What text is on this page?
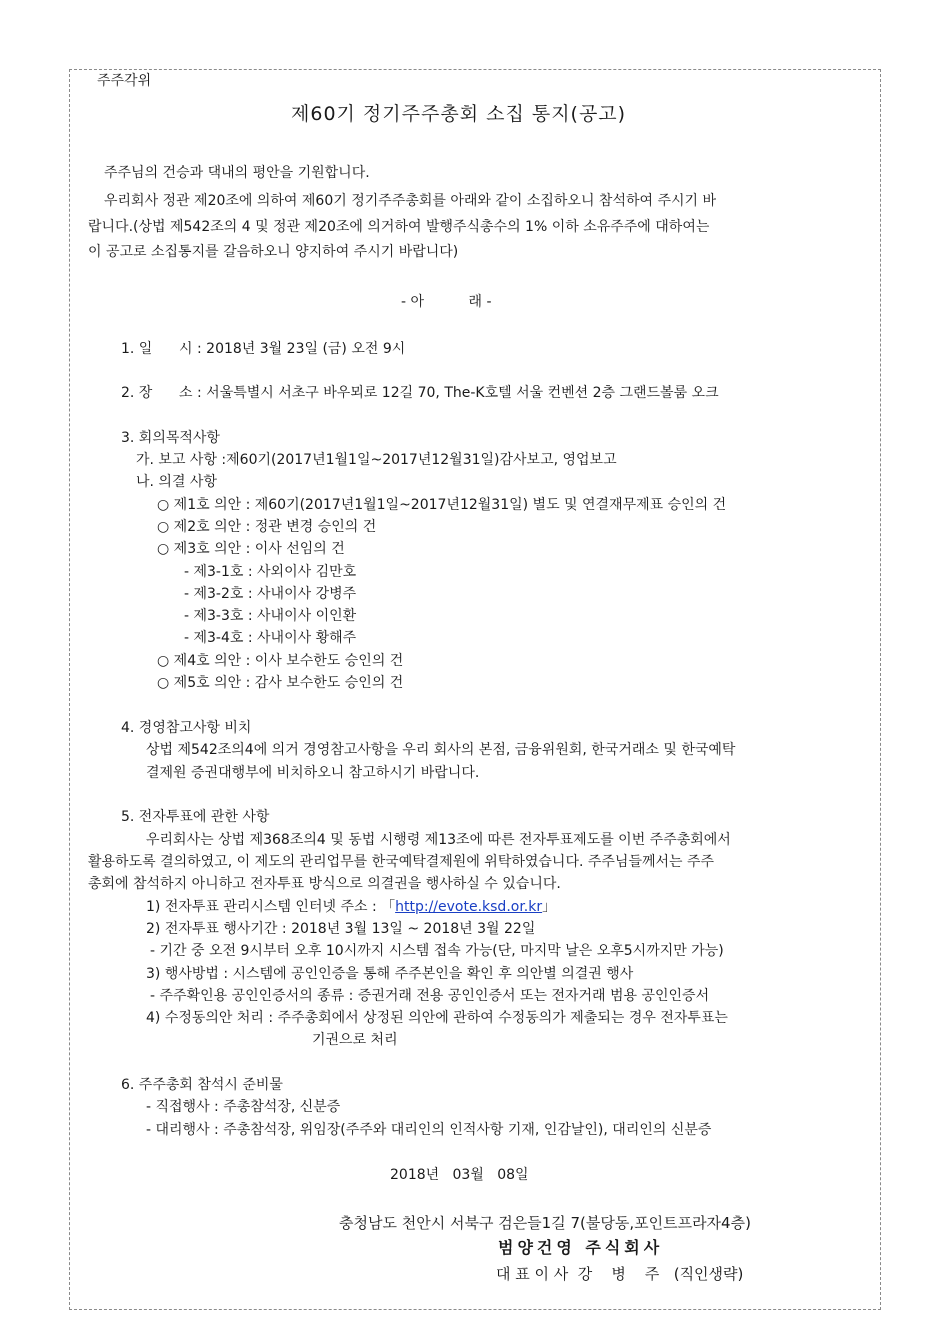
주주각위
제60기 정기주주총회 소집 통지(공고)
주주님의 건승과 댁내의 평안을 기원합니다.
우리회사 정관 제20조에 의하여 제60기 정기주주총회를 아래와 같이 소집하오니 참석하여 주시기 바
랍니다.(상법 제542조의 4 및 정관 제20조에 의거하여 발행주식총수의 1% 이하 소유주주에 대하여는
이 공고로 소집통지를 갈음하오니 양지하여 주시기 바랍니다)
- 아          래 -
1. 일      시 : 2018년 3월 23일 (금) 오전 9시
2. 장      소 : 서울특별시 서초구 바우뫼로 12길 70, The-K호텔 서울 컨벤션 2층 그랜드볼룸 오크
3. 회의목적사항
가. 보고 사항 :제60기(2017년1월1일~2017년12월31일)감사보고, 영업보고
나. 의결 사항
○ 제1호 의안 : 제60기(2017년1월1일~2017년12월31일) 별도 및 연결재무제표 승인의 건
○ 제2호 의안 : 정관 변경 승인의 건
○ 제3호 의안 : 이사 선임의 건
- 제3-1호 : 사외이사 김만호
- 제3-2호 : 사내이사 강병주
- 제3-3호 : 사내이사 이인환
- 제3-4호 : 사내이사 황해주
○ 제4호 의안 : 이사 보수한도 승인의 건
○ 제5호 의안 : 감사 보수한도 승인의 건
4. 경영참고사항 비치
상법 제542조의4에 의거 경영참고사항을 우리 회사의 본점, 금융위원회, 한국거래소 및 한국예탁
결제원 증권대행부에 비치하오니 참고하시기 바랍니다.
5. 전자투표에 관한 사항
우리회사는 상법 제368조의4 및 동법 시행령 제13조에 따른 전자투표제도를 이번 주주총회에서
활용하도록 결의하였고, 이 제도의 관리업무를 한국예탁결제원에 위탁하였습니다. 주주님들께서는 주주
총회에 참석하지 아니하고 전자투표 방식으로 의결권을 행사하실 수 있습니다.
1) 전자투표 관리시스템 인터넷 주소 : 「http://evote.ksd.or.kr」
2) 전자투표 행사기간 : 2018년 3월 13일 ~ 2018년 3월 22일
- 기간 중 오전 9시부터 오후 10시까지 시스템 접속 가능(단, 마지막 날은 오후5시까지만 가능)
3) 행사방법 : 시스템에 공인인증을 통해 주주본인을 확인 후 의안별 의결권 행사
- 주주확인용 공인인증서의 종류 : 증권거래 전용 공인인증서 또는 전자거래 범용 공인인증서
4) 수정동의안 처리 : 주주총회에서 상정된 의안에 관하여 수정동의가 제출되는 경우 전자투표는
기권으로 처리
6. 주주총회 참석시 준비물
- 직접행사 : 주총참석장, 신분증
- 대리행사 : 주총참석장, 위임장(주주와 대리인의 인적사항 기재, 인감날인), 대리인의 신분증
2018년   03월   08일
충청남도 천안시 서북구 검은들1길 7(불당동,포인트프라자4층)
범양건영 주식회사
대 표 이 사  강    병    주   (직인생략)
